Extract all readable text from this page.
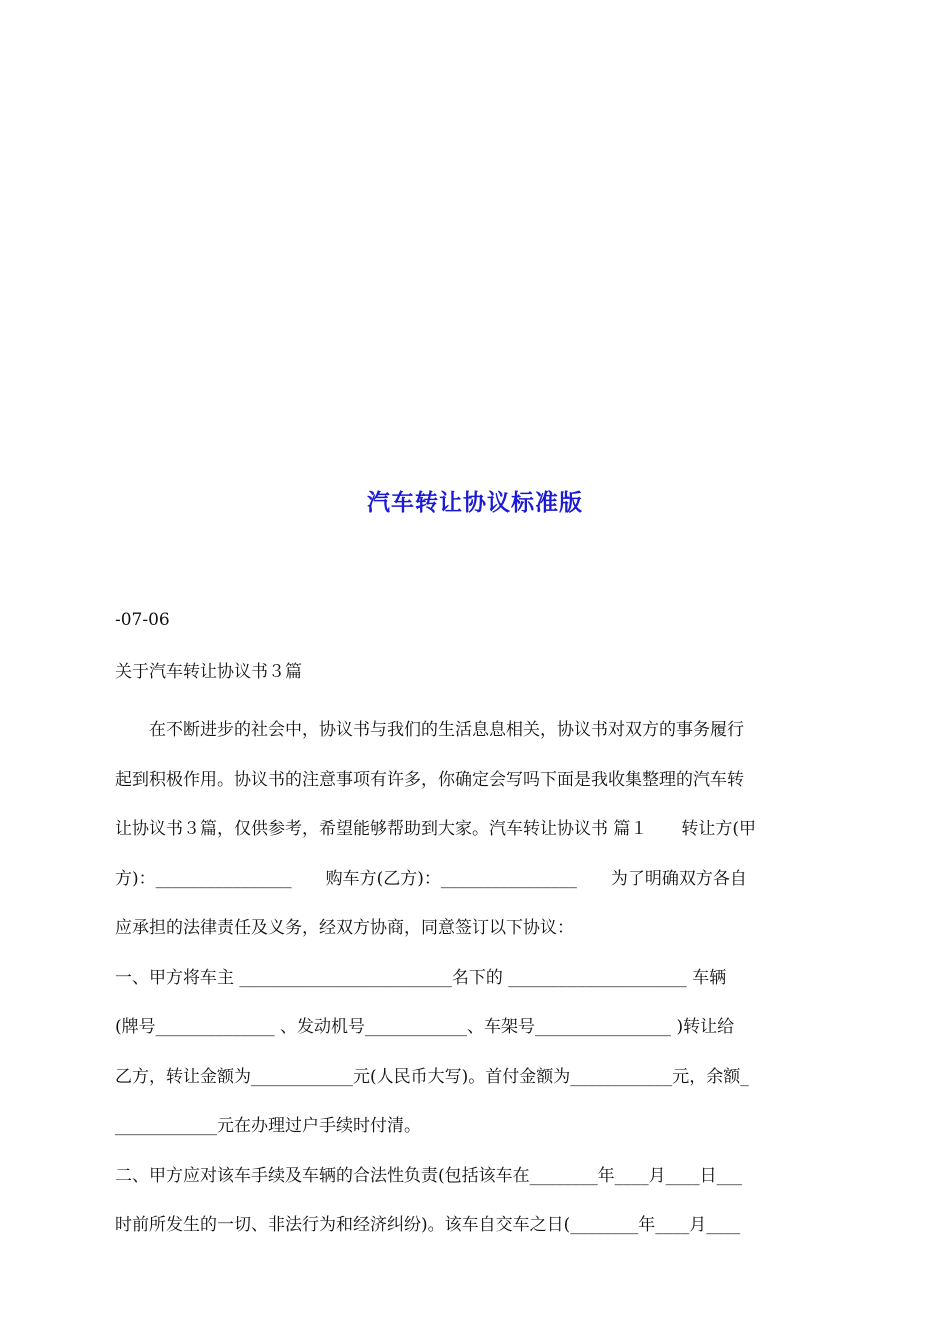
汽车转让协议标准版
-07-06
关于汽车转让协议书３篇
　　在不断进步的社会中，协议书与我们的生活息息相关，协议书对双方的事务履行
起到积极作用。协议书的注意事项有许多，你确定会写吗下面是我收集整理的汽车转
让协议书３篇，仅供参考，希望能够帮助到大家。汽车转让协议书 篇１　　转让方(甲
方)：________________　　购车方(乙方)：________________　　为了明确双方各自
应承担的法律责任及义务，经双方协商，同意签订以下协议：
一、甲方将车主 _________________________名下的 _____________________ 车辆
(牌号______________ 、发动机号____________、车架号________________ )转让给
乙方，转让金额为____________元(人民币大写)。首付金额为____________元，余额_
____________元在办理过户手续时付清。
二、甲方应对该车手续及车辆的合法性负责(包括该车在________年____月____日___
时前所发生的一切、非法行为和经济纠纷)。该车自交车之日(________年____月____
